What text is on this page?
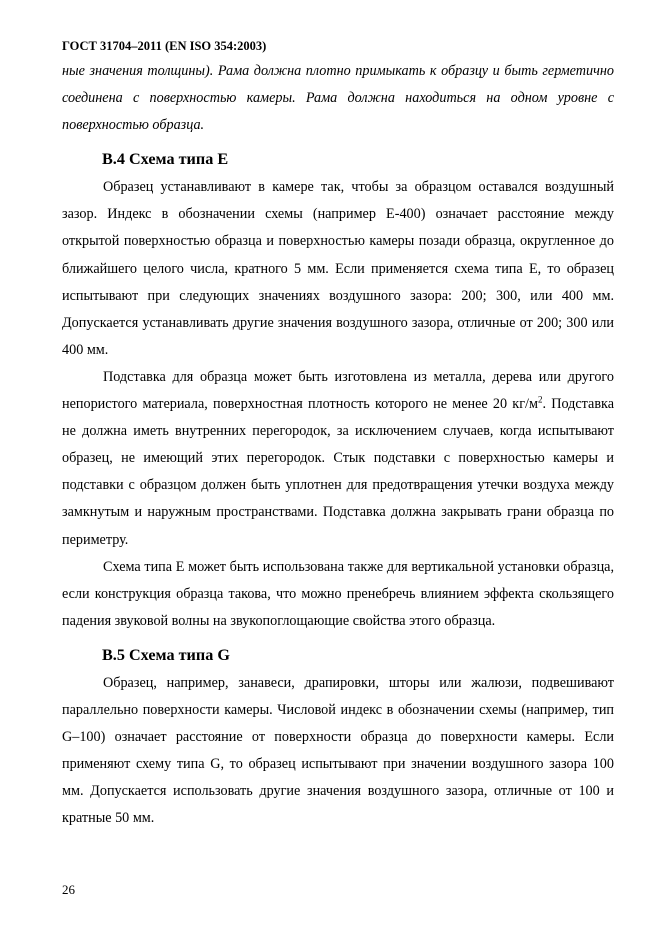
ГОСТ 31704–2011 (EN ISO 354:2003)

ные значения толщины). Рама должна плотно примыкать к образцу и быть герметично соединена с поверхностью камеры. Рама должна находиться на одном уровне с поверхностью образца.

В.4 Схема типа Е

Образец устанавливают в камере так, чтобы за образцом оставался воздушный зазор. Индекс в обозначении схемы (например Е-400) означает расстояние между открытой поверхностью образца и поверхностью камеры позади образца, округленное до ближайшего целого числа, кратного 5 мм. Если применяется схема типа Е, то образец испытывают при следующих значениях воздушного зазора: 200; 300, или 400 мм. Допускается устанавливать другие значения воздушного зазора, отличные от 200; 300 или 400 мм.

Подставка для образца может быть изготовлена из металла, дерева или другого непористого материала, поверхностная плотность которого не менее 20 $кг/м^2$. Подставка не должна иметь внутренних перегородок, за исключением случаев, когда испытывают образец, не имеющий этих перегородок. Стык подставки с поверхностью камеры и подставки с образцом должен быть уплотнен для предотвращения утечки воздуха между замкнутым и наружным пространствами. Подставка должна закрывать грани образца по периметру.

Схема типа Е может быть использована также для вертикальной установки образца, если конструкция образца такова, что можно пренебречь влиянием эффекта скользящего падения звуковой волны на звукопоглощающие свойства этого образца.

В.5 Схема типа G

Образец, например, занавеси, драпировки, шторы или жалюзи, подвешивают параллельно поверхности камеры. Числовой индекс в обозначении схемы (например, тип G–100) означает расстояние от поверхности образца до поверхности камеры. Если применяют схему типа G, то образец испытывают при значении воздушного зазора 100 мм. Допускается использовать другие значения воздушного зазора, отличные от 100 и кратные 50 мм.

26
